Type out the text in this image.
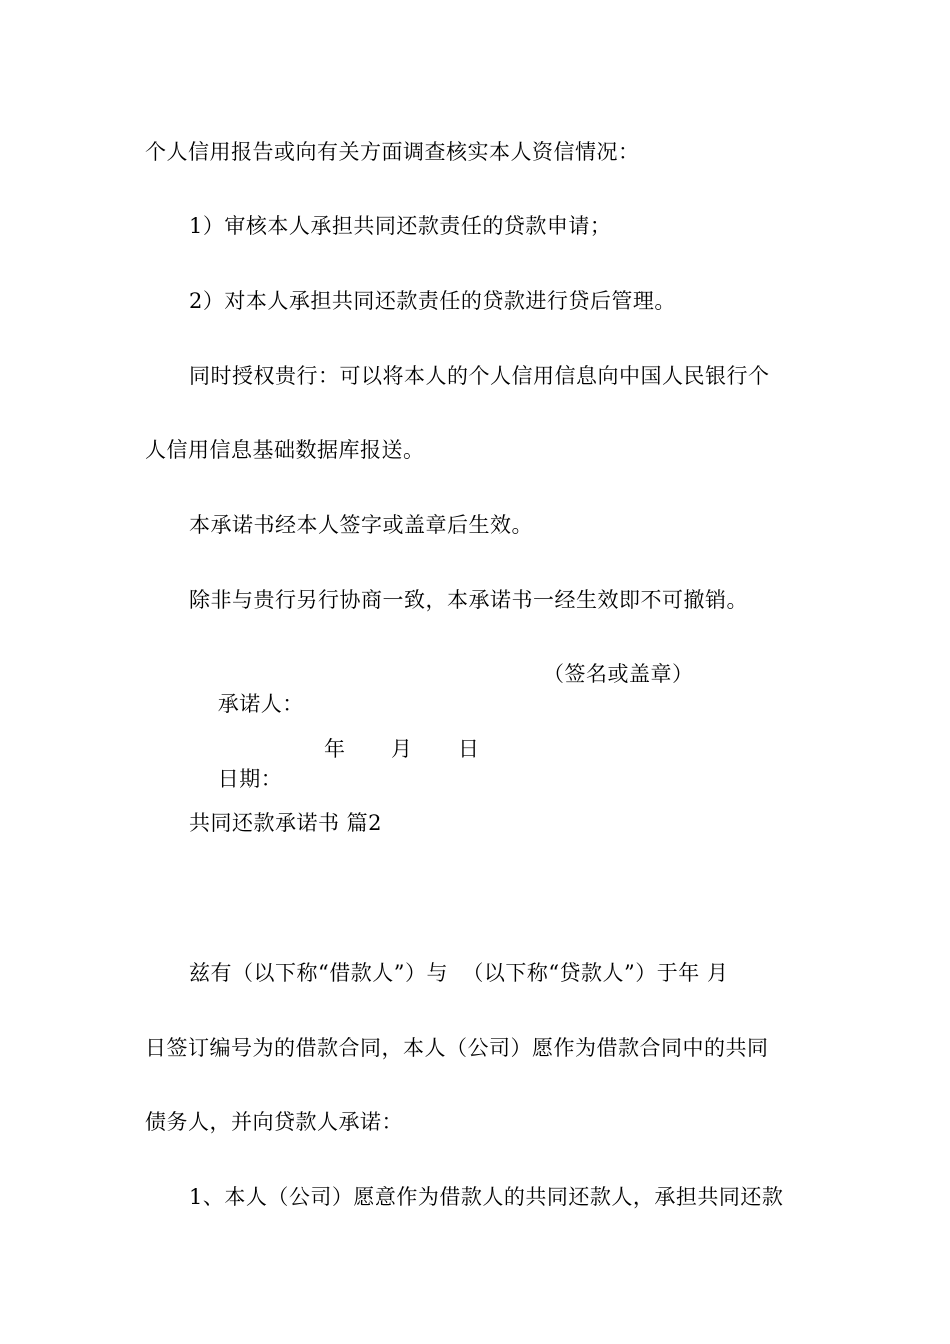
个人信用报告或向有关方面调查核实本人资信情况：
1）审核本人承担共同还款责任的贷款申请；
2）对本人承担共同还款责任的贷款进行贷后管理。
同时授权贵行：可以将本人的个人信用信息向中国人民银行个
人信用信息基础数据库报送。
本承诺书经本人签字或盖章后生效。
除非与贵行另行协商一致，本承诺书一经生效即不可撤销。

承诺人：

（签名或盖章）

日期：

年

月

日

共同还款承诺书 篇2
兹有（以下称“借款人”）与  （以下称“贷款人”）于年 月
日签订编号为的借款合同，本人（公司）愿作为借款合同中的共同
债务人，并向贷款人承诺：
1、本人（公司）愿意作为借款人的共同还款人，承担共同还款
